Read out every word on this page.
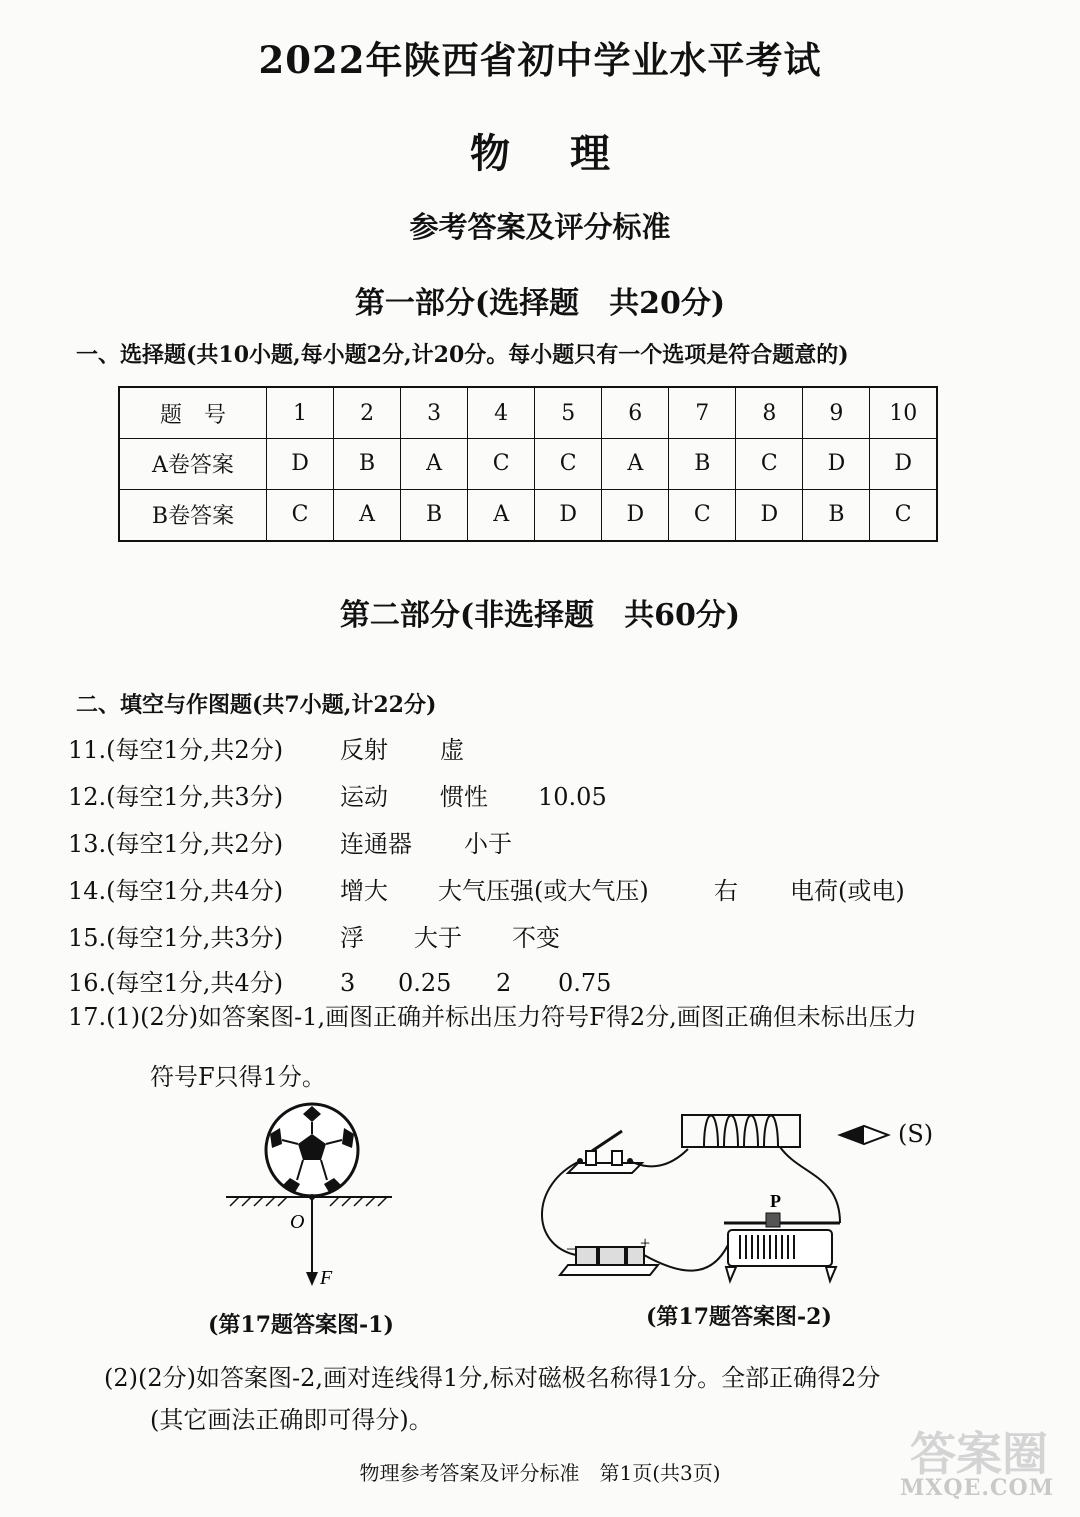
2022年陕西省初中学业水平考试
物理
参考答案及评分标准
第一部分(选择题　共20分)
一、选择题(共10小题,每小题2分,计20分。每小题只有一个选项是符合题意的)
题　号	1	2	3	4	5	6	7	8	9	10
A卷答案	D	B	A	C	C	A	B	C	D	D
B卷答案	C	A	B	A	D	D	C	D	B	C
第二部分(非选择题　共60分)
二、填空与作图题(共7小题,计22分)
11.(每空1分,共2分) 反射 虚
12.(每空1分,共3分) 运动 惯性 10.05
13.(每空1分,共2分) 连通器 小于
14.(每空1分,共4分) 增大 大气压强(或大气压)	右 电荷(或电)
15.(每空1分,共3分) 浮 大于 不变
16.(每空1分,共4分) 3 0.25 2 0.75
17.(1)(2分)如答案图-1,画图正确并标出压力符号F得2分,画图正确但未标出压力
符号F只得1分。
O
F
(第17题答案图-1)
P
−	+
(S)
(第17题答案图-2)
(2)(2分)如答案图-2,画对连线得1分,标对磁极名称得1分。全部正确得2分
(其它画法正确即可得分)。
物理参考答案及评分标准　第1页(共3页)	答案圈
MXQE.COM
